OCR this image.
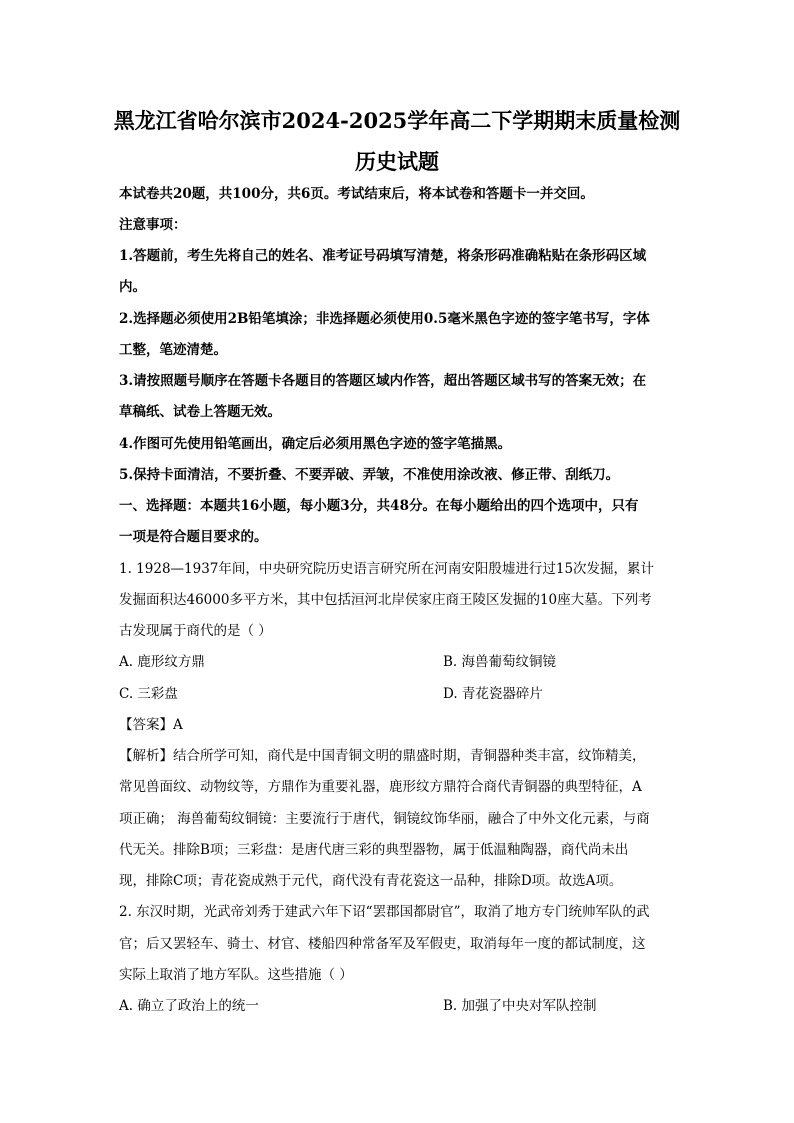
黑龙江省哈尔滨市2024-2025学年高二下学期期末质量检测
历史试题
本试卷共20题，共100分，共6页。考试结束后，将本试卷和答题卡一并交回。
注意事项：
1.答题前，考生先将自己的姓名、准考证号码填写清楚，将条形码准确粘贴在条形码区域
内。
2.选择题必须使用2B铅笔填涂；非选择题必须使用0.5毫米黑色字迹的签字笔书写，字体
工整，笔迹清楚。
3.请按照题号顺序在答题卡各题目的答题区域内作答，超出答题区域书写的答案无效；在
草稿纸、试卷上答题无效。
4.作图可先使用铅笔画出，确定后必须用黑色字迹的签字笔描黑。
5.保持卡面清洁，不要折叠、不要弄破、弄皱，不准使用涂改液、修正带、刮纸刀。
一、选择题：本题共16小题，每小题3分，共48分。在每小题给出的四个选项中，只有
一项是符合题目要求的。
1. 1928—1937年间，中央研究院历史语言研究所在河南安阳殷墟进行过15次发掘，累计
发掘面积达46000多平方米，其中包括洹河北岸侯家庄商王陵区发掘的10座大墓。下列考
古发现属于商代的是（ ）
A. 鹿形纹方鼎	B. 海兽葡萄纹铜镜
C. 三彩盘	D. 青花瓷器碎片
【答案】A
【解析】结合所学可知，商代是中国青铜文明的鼎盛时期，青铜器种类丰富，纹饰精美，
常见兽面纹、动物纹等，方鼎作为重要礼器，鹿形纹方鼎符合商代青铜器的典型特征，A
项正确； 海兽葡萄纹铜镜：主要流行于唐代，铜镜纹饰华丽，融合了中外文化元素，与商
代无关。排除B项；三彩盘：是唐代唐三彩的典型器物，属于低温釉陶器，商代尚未出
现，排除C项；青花瓷成熟于元代，商代没有青花瓷这一品种，排除D项。故选A项。
2. 东汉时期，光武帝刘秀于建武六年下诏“罢郡国都尉官”，取消了地方专门统帅军队的武
官；后又罢轻车、骑士、材官、楼船四种常备军及军假吏，取消每年一度的都试制度，这
实际上取消了地方军队。这些措施（ ）
A. 确立了政治上的统一	B. 加强了中央对军队控制
